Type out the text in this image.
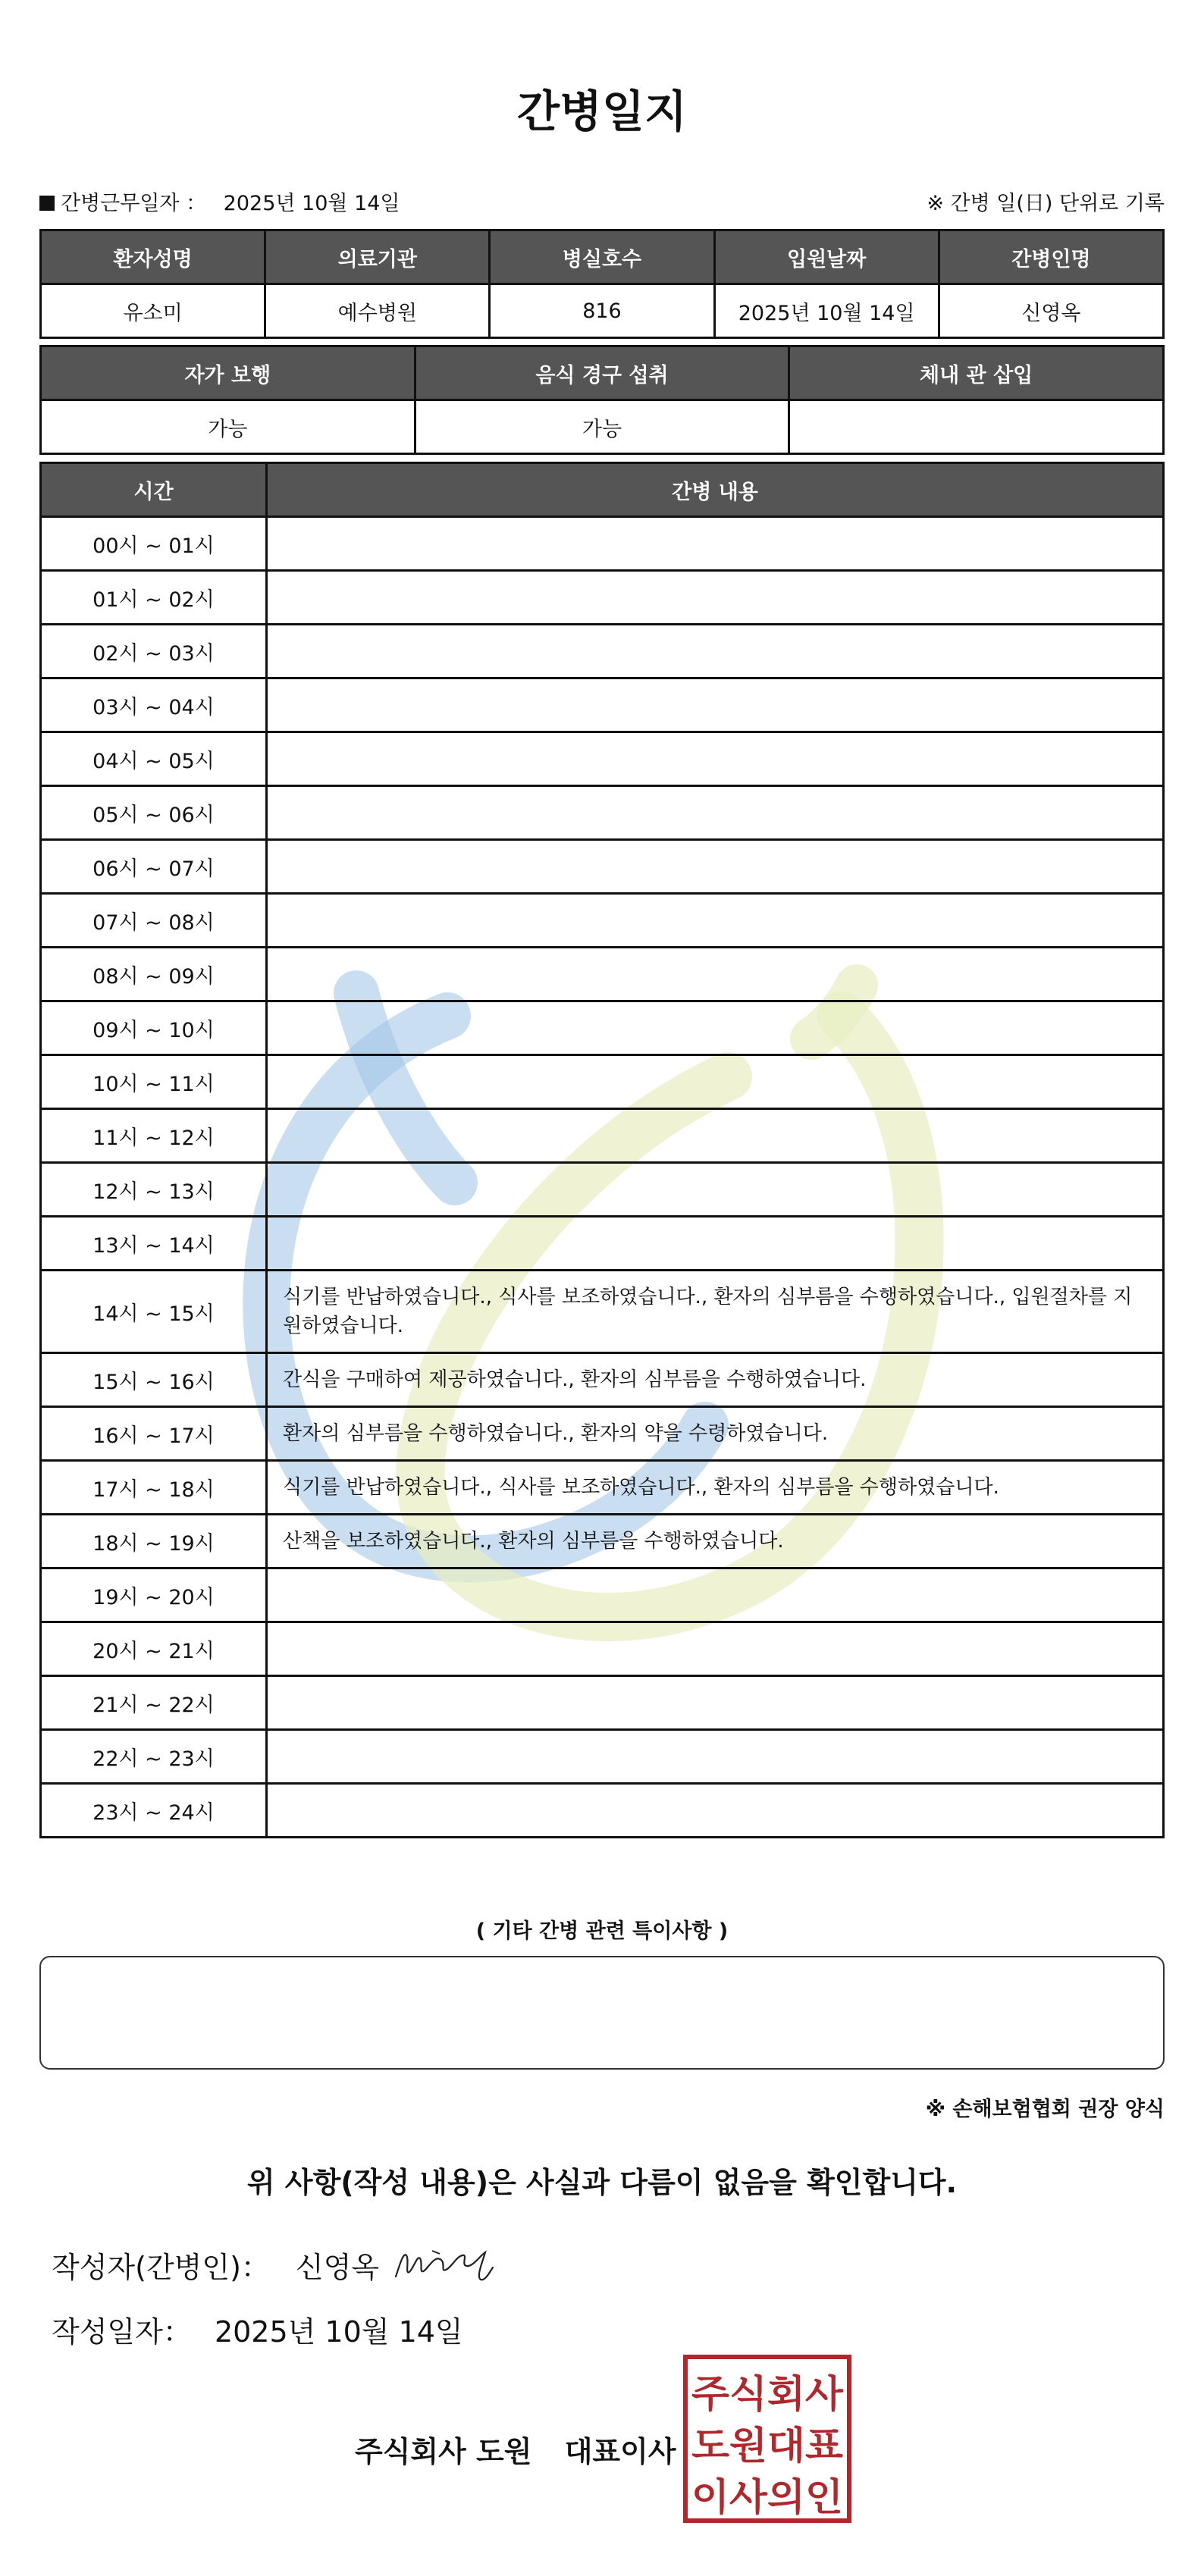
간병일지
간병근무일자 ： 2025년 10월 14일	※ 간병 일(日) 단위로 기록
환자성명	의료기관	병실호수	입원날짜	간병인명
유소미	예수병원	816	2025년 10월 14일	신영옥
자가 보행	음식 경구 섭취	체내 관 삽입
가능	가능	
시간	간병 내용
00시 ~ 01시	
01시 ~ 02시	
02시 ~ 03시	
03시 ~ 04시	
04시 ~ 05시	
05시 ~ 06시	
06시 ~ 07시	
07시 ~ 08시	
08시 ~ 09시	
09시 ~ 10시	
10시 ~ 11시	
11시 ~ 12시	
12시 ~ 13시	
13시 ~ 14시	
14시 ~ 15시	식기를 반납하였습니다., 식사를 보조하였습니다., 환자의 심부름을 수행하였습니다., 입원절차를 지원하였습니다.
15시 ~ 16시	간식을 구매하여 제공하였습니다., 환자의 심부름을 수행하였습니다.
16시 ~ 17시	환자의 심부름을 수행하였습니다., 환자의 약을 수령하였습니다.
17시 ~ 18시	식기를 반납하였습니다., 식사를 보조하였습니다., 환자의 심부름을 수행하였습니다.
18시 ~ 19시	산책을 보조하였습니다., 환자의 심부름을 수행하였습니다.
19시 ~ 20시	
20시 ~ 21시	
21시 ~ 22시	
22시 ~ 23시	
23시 ~ 24시	
( 기타 간병 관련 특이사항 )
※ 손해보험협회 권장 양식
위 사항(작성 내용)은 사실과 다름이 없음을 확인합니다.
작성자(간병인)： 신영옥
작성일자： 2025년 10월 14일
주식회사 도원 대표이사
주식회사
도원대표
이사의인
